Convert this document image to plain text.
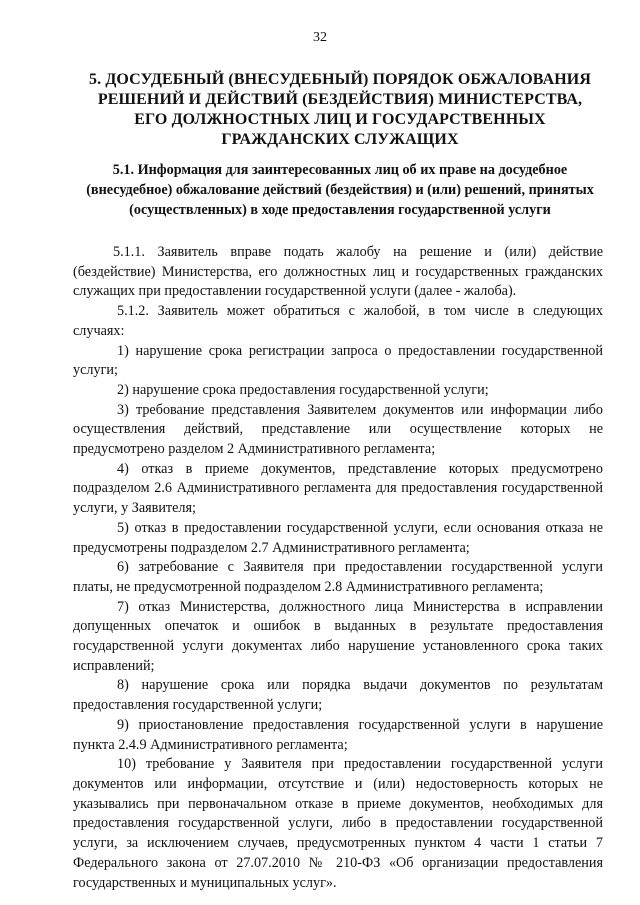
32
5. ДОСУДЕБНЫЙ (ВНЕСУДЕБНЫЙ) ПОРЯДОК ОБЖАЛОВАНИЯ РЕШЕНИЙ И ДЕЙСТВИЙ (БЕЗДЕЙСТВИЯ) МИНИСТЕРСТВА, ЕГО ДОЛЖНОСТНЫХ ЛИЦ И ГОСУДАРСТВЕННЫХ ГРАЖДАНСКИХ СЛУЖАЩИХ
5.1. Информация для заинтересованных лиц об их праве на досудебное (внесудебное) обжалование действий (бездействия) и (или) решений, принятых (осуществленных) в ходе предоставления государственной услуги

5.1.1. Заявитель вправе подать жалобу на решение и (или) действие (бездействие) Министерства, его должностных лиц и государственных гражданских служащих при предоставлении государственной услуги (далее - жалоба).

5.1.2. Заявитель может обратиться с жалобой, в том числе в следующих случаях:

1) нарушение срока регистрации запроса о предоставлении государственной услуги;

2) нарушение срока предоставления государственной услуги;

3) требование представления Заявителем документов или информации либо осуществления действий, представление или осуществление которых не предусмотрено разделом 2 Административного регламента;

4) отказ в приеме документов, представление которых предусмотрено подразделом 2.6 Административного регламента для предоставления государственной услуги, у Заявителя;

5) отказ в предоставлении государственной услуги, если основания отказа не предусмотрены подразделом 2.7 Административного регламента;

6) затребование с Заявителя при предоставлении государственной услуги платы, не предусмотренной подразделом 2.8 Административного регламента;

7) отказ Министерства, должностного лица Министерства в исправлении допущенных опечаток и ошибок в выданных в результате предоставления государственной услуги документах либо нарушение установленного срока таких исправлений;

8) нарушение срока или порядка выдачи документов по результатам предоставления государственной услуги;

9) приостановление предоставления государственной услуги в нарушение пункта 2.4.9 Административного регламента;

10) требование у Заявителя при предоставлении государственной услуги документов или информации, отсутствие и (или) недостоверность которых не указывались при первоначальном отказе в приеме документов, необходимых для предоставления государственной услуги, либо в предоставлении государственной услуги, за исключением случаев, предусмотренных пунктом 4 части 1 статьи 7 Федерального закона от 27.07.2010 № 210-ФЗ «Об организации предоставления государственных и муниципальных услуг».
